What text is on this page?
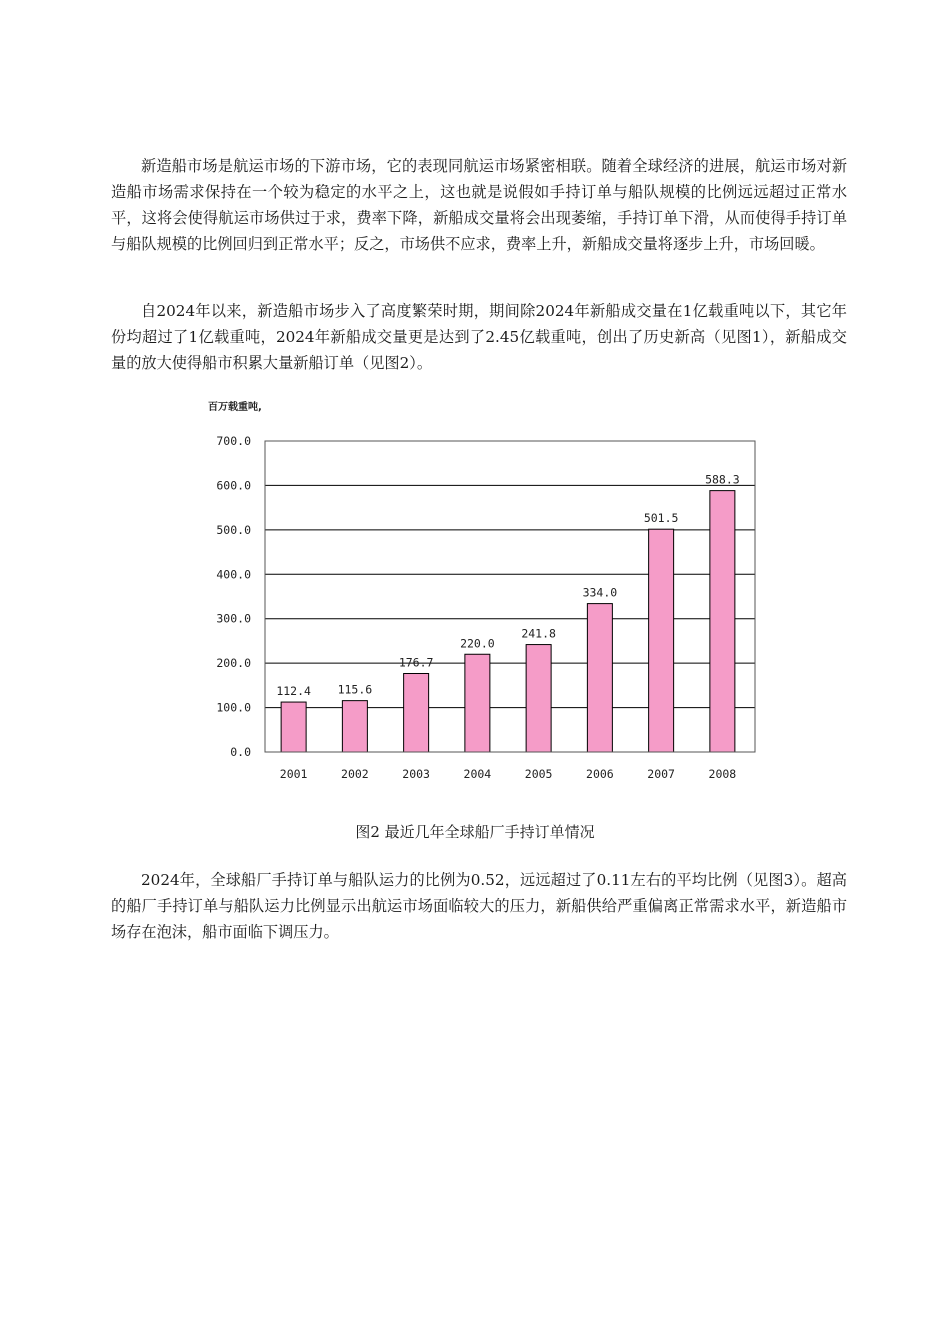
新造船市场是航运市场的下游市场，它的表现同航运市场紧密相联。随着全球经济的进展，航运市场对新造船市场需求保持在一个较为稳定的水平之上，这也就是说假如手持订单与船队规模的比例远远超过正常水平，这将会使得航运市场供过于求，费率下降，新船成交量将会出现萎缩，手持订单下滑，从而使得手持订单与船队规模的比例回归到正常水平；反之，市场供不应求，费率上升，新船成交量将逐步上升，市场回暖。

自2024年以来，新造船市场步入了高度繁荣时期，期间除2024年新船成交量在1亿载重吨以下，其它年份均超过了1亿载重吨，2024年新船成交量更是达到了2.45亿载重吨，创出了历史新高（见图1），新船成交量的放大使得船市积累大量新船订单（见图2）。

百万载重吨,
0.0
100.0
200.0
300.0
400.0
500.0
600.0
700.0
112.4 115.6
176.7
220.0
241.8
334.0
501.5
588.3
2001	2002	2003	2004	2005	2006	2007	2008

图2 最近几年全球船厂手持订单情况

2024年，全球船厂手持订单与船队运力的比例为0.52，远远超过了0.11左右的平均比例（见图3）。超高的船厂手持订单与船队运力比例显示出航运市场面临较大的压力，新船供给严重偏离正常需求水平，新造船市场存在泡沫，船市面临下调压力。
